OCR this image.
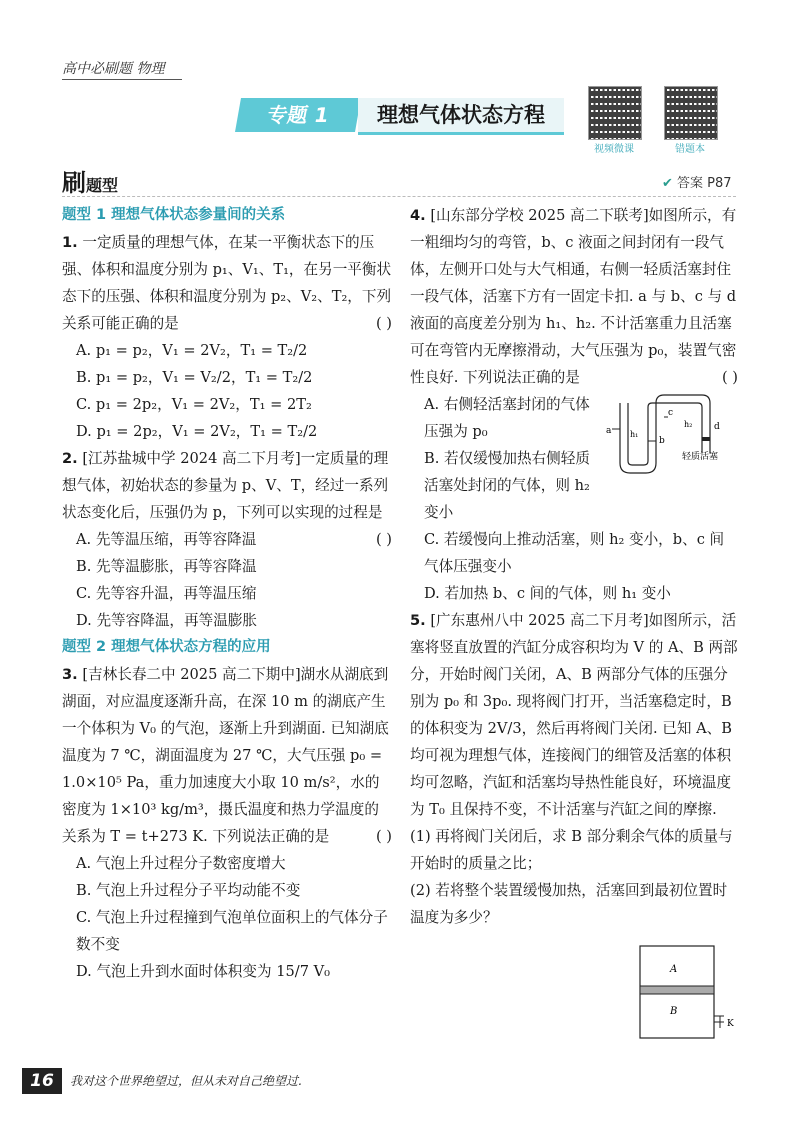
高中必刷题 物理
专题 1	理想气体状态方程
视频微课	错题本
刷题型	✔ 答案 P87
题型 1 理想气体状态参量间的关系
1. 一定质量的理想气体，在某一平衡状态下的压强、体积和温度分别为 p₁、V₁、T₁，在另一平衡状态下的压强、体积和温度分别为 p₂、V₂、T₂，下列关系可能正确的是	( )
A. p₁ = p₂，V₁ = 2V₂，T₁ = T₂/2
B. p₁ = p₂，V₁ = V₂/2，T₁ = T₂/2
C. p₁ = 2p₂，V₁ = 2V₂，T₁ = 2T₂
D. p₁ = 2p₂，V₁ = 2V₂，T₁ = T₂/2
2. [江苏盐城中学 2024 高二下月考]一定质量的理想气体，初始状态的参量为 p、V、T，经过一系列状态变化后，压强仍为 p，下列可以实现的过程是
( )
A. 先等温压缩，再等容降温
B. 先等温膨胀，再等容降温
C. 先等容升温，再等温压缩
D. 先等容降温，再等温膨胀
题型 2 理想气体状态方程的应用
3. [吉林长春二中 2025 高二下期中]湖水从湖底到湖面，对应温度逐渐升高，在深 10 m 的湖底产生一个体积为 V₀ 的气泡，逐渐上升到湖面. 已知湖底温度为 7 ℃，湖面温度为 27 ℃，大气压强 p₀ = 1.0×10⁵ Pa，重力加速度大小取 10 m/s²，水的密度为 1×10³ kg/m³，摄氏温度和热力学温度的关系为 T = t+273 K. 下列说法正确的是	( )
A. 气泡上升过程分子数密度增大
B. 气泡上升过程分子平均动能不变
C. 气泡上升过程撞到气泡单位面积上的气体分子数不变
D. 气泡上升到水面时体积变为 15/7 V₀
4. [山东部分学校 2025 高二下联考]如图所示，有一粗细均匀的弯管，b、c 液面之间封闭有一段气体，左侧开口处与大气相通，右侧一轻质活塞封住一段气体，活塞下方有一固定卡扣. a 与 b、c 与 d 液面的高度差分别为 h₁、h₂. 不计活塞重力且活塞可在弯管内无摩擦滑动，大气压强为 p₀，装置气密性良好. 下列说法正确的是	( )
A. 右侧轻活塞封闭的气体压强为 p₀
B. 若仅缓慢加热右侧轻质活塞处封闭的气体，则 h₂ 变小
a
b
c
d
h₁
h₂
轻质活塞
C. 若缓慢向上推动活塞，则 h₂ 变小，b、c 间气体压强变小
D. 若加热 b、c 间的气体，则 h₁ 变小
5. [广东惠州八中 2025 高二下月考]如图所示，活塞将竖直放置的汽缸分成容积均为 V 的 A、B 两部分，开始时阀门关闭，A、B 两部分气体的压强分别为 p₀ 和 3p₀. 现将阀门打开，当活塞稳定时，B 的体积变为 2V/3，然后再将阀门关闭. 已知 A、B 均可视为理想气体，连接阀门的细管及活塞的体积均可忽略，汽缸和活塞均导热性能良好，环境温度为 T₀ 且保持不变，不计活塞与汽缸之间的摩擦.
(1) 再将阀门关闭后，求 B 部分剩余气体的质量与开始时的质量之比；
(2) 若将整个装置缓慢加热，活塞回到最初位置时温度为多少？
A
B
K
16	我对这个世界绝望过，但从未对自己绝望过.
